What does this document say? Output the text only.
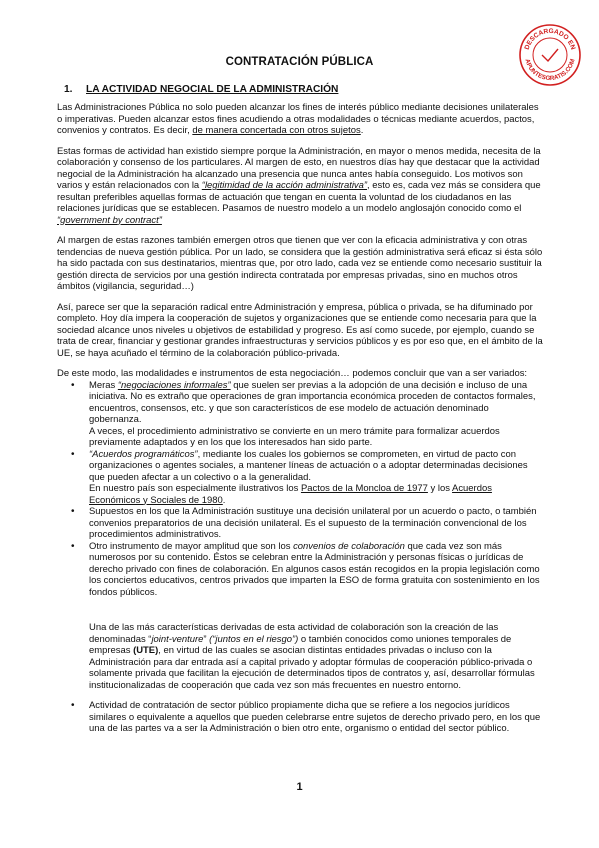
DESCARGADO EN
APUNTESGRATIS.COM
CONTRATACIÓN PÚBLICA
1. LA ACTIVIDAD NEGOCIAL DE LA ADMINISTRACIÓN

Las Administraciones Pública no solo pueden alcanzar los fines de interés público mediante decisiones unilaterales o imperativas. Pueden alcanzar estos fines acudiendo a otras modalidades o técnicas mediante acuerdos, pactos, convenios y contratos. Es decir, de manera concertada con otros sujetos.

Estas formas de actividad han existido siempre porque la Administración, en mayor o menos medida, necesita de la colaboración y consenso de los particulares. Al margen de esto, en nuestros días hay que destacar que la actividad negocial de la Administración ha alcanzado una presencia que nunca antes había conseguido. Los motivos son varios y están relacionados con la “legitimidad de la acción administrativa”, esto es, cada vez más se considera que resultan preferibles aquellas formas de actuación que tengan en cuenta la voluntad de los ciudadanos en las relaciones jurídicas que se establecen. Pasamos de nuestro modelo a un modelo anglosajón conocido como el “government by contract”

Al margen de estas razones también emergen otros que tienen que ver con la eficacia administrativa y con otras tendencias de nueva gestión pública. Por un lado, se considera que la gestión administrativa será eficaz si ésta sólo ha sido pactada con sus destinatarios, mientras que, por otro lado, cada vez se entiende como necesario sustituir la gestión directa de servicios por una gestión indirecta contratada por empresas privadas, sino en muchos otros ámbitos (vigilancia, seguridad…)

Así, parece ser que la separación radical entre Administración y empresa, pública o privada, se ha difuminado por completo. Hoy día impera la cooperación de sujetos y organizaciones que se entiende como necesaria para que la sociedad alcance unos niveles u objetivos de estabilidad y progreso. Es así como sucede, por ejemplo, cuando se trata de crear, financiar y gestionar grandes infraestructuras y servicios públicos y es por eso que, en el ámbito de la UE, se haya acuñado el término de la colaboración público-privada.

De este modo, las modalidades e instrumentos de esta negociación… podemos concluir que van a ser variados:

• Meras “negociaciones informales” que suelen ser previas a la adopción de una decisión e incluso de una iniciativa. No es extraño que operaciones de gran importancia económica proceden de contactos formales, encuentros, consensos, etc. y que son característicos de ese modelo de actuación denominado gobernanza.
A veces, el procedimiento administrativo se convierte en un mero trámite para formalizar acuerdos previamente adaptados y en los que los interesados han sido parte.
• “Acuerdos programáticos”, mediante los cuales los gobiernos se comprometen, en virtud de pacto con organizaciones o agentes sociales, a mantener líneas de actuación o a adoptar determinadas decisiones que pueden afectar a un colectivo o a la generalidad.
En nuestro país son especialmente ilustrativos los Pactos de la Moncloa de 1977 y los Acuerdos Económicos y Sociales de 1980.
• Supuestos en los que la Administración sustituye una decisión unilateral por un acuerdo o pacto, o también convenios preparatorios de una decisión unilateral. Es el supuesto de la terminación convencional de los procedimientos administrativos.
• Otro instrumento de mayor amplitud que son los convenios de colaboración que cada vez son más numerosos por su contenido. Éstos se celebran entre la Administración y personas físicas o jurídicas de derecho privado con fines de colaboración. En algunos casos están recogidos en la propia legislación como los conciertos educativos, centros privados que imparten la ESO de forma gratuita con sostenimiento en los fondos públicos.

Una de las más características derivadas de esta actividad de colaboración son la creación de las denominadas “joint-venture” (“juntos en el riesgo”) o también conocidos como uniones temporales de empresas (UTE), en virtud de las cuales se asocian distintas entidades privadas o incluso con la Administración para dar entrada así a capital privado y adoptar fórmulas de cooperación público-privada o solamente privada que facilitan la ejecución de determinados tipos de contratos y, así, desarrollar fórmulas institucionalizadas de cooperación que cada vez son más frecuentes en nuestro entorno.

• Actividad de contratación de sector público propiamente dicha que se refiere a los negocios jurídicos similares o equivalente a aquellos que pueden celebrarse entre sujetos de derecho privado pero, en los que una de las partes va a ser la Administración o bien otro ente, organismo o entidad del sector público.
1
